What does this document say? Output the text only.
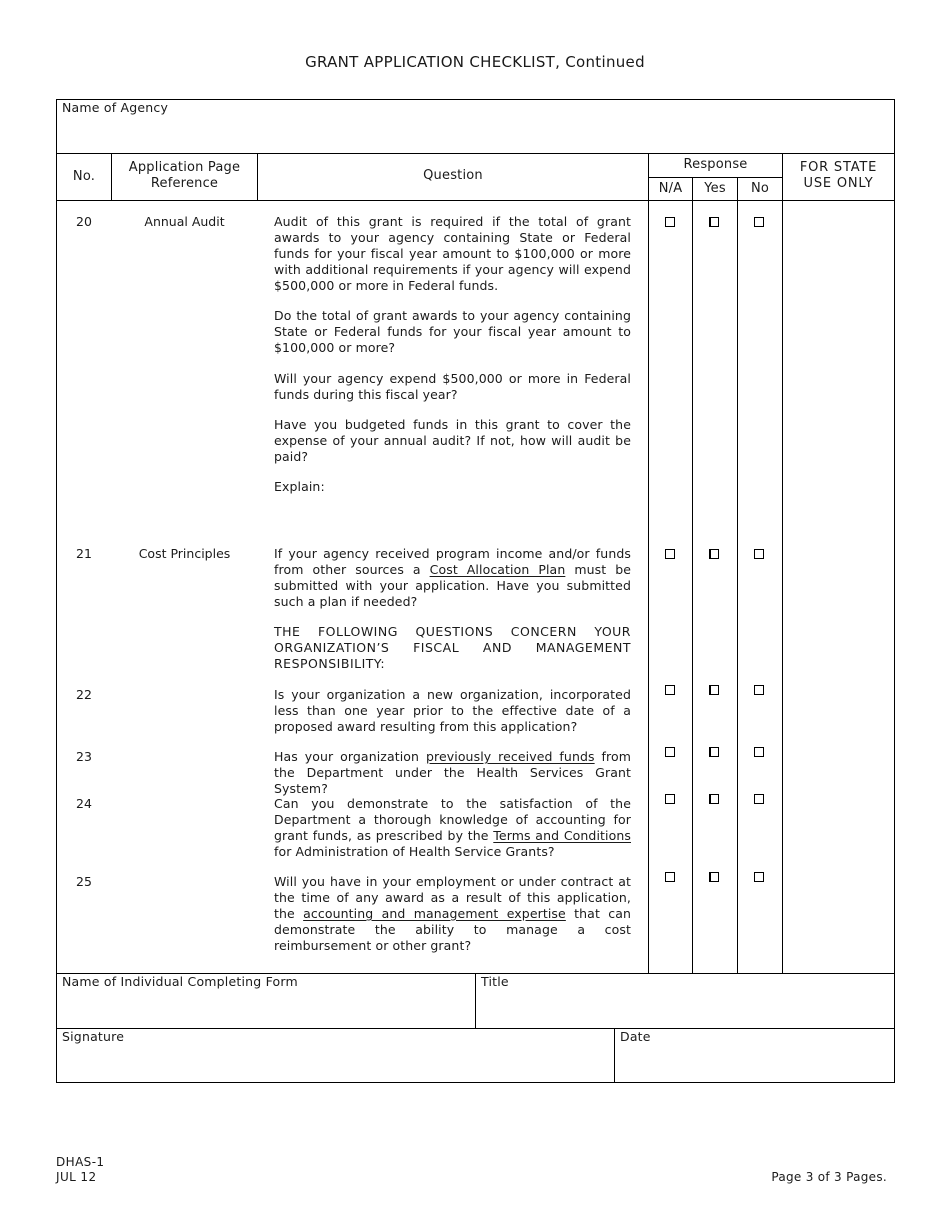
GRANT APPLICATION CHECKLIST, Continued
Name of Agency
No.
Application Page
Reference
Question
Response
N/A	Yes	No
FOR STATE
USE ONLY
20	Annual Audit	Audit of this grant is required if the total of grant awards to your agency containing State or Federal funds for your fiscal year amount to $100,000 or more with additional requirements if your agency will expend $500,000 or more in Federal funds.
Do the total of grant awards to your agency containing State or Federal funds for your fiscal year amount to $100,000 or more?
Will your agency expend $500,000 or more in Federal funds during this fiscal year?
Have you budgeted funds in this grant to cover the expense of your annual audit? If not, how will audit be paid?
Explain:
21	Cost Principles	If your agency received program income and/or funds from other sources a Cost Allocation Plan must be submitted with your application. Have you submitted such a plan if needed?
THE FOLLOWING QUESTIONS CONCERN YOUR ORGANIZATION’S FISCAL AND MANAGEMENT RESPONSIBILITY:
22	Is your organization a new organization, incorporated less than one year prior to the effective date of a proposed award resulting from this application?
23	Has your organization previously received funds from the Department under the Health Services Grant System?
24	Can you demonstrate to the satisfaction of the Department a thorough knowledge of accounting for grant funds, as prescribed by the Terms and Conditions for Administration of Health Service Grants?
25	Will you have in your employment or under contract at the time of any award as a result of this application, the accounting and management expertise that can demonstrate the ability to manage a cost reimbursement or other grant?
Name of Individual Completing Form	Title
Signature	Date
DHAS-1
JUL 12	Page 3 of 3 Pages.
